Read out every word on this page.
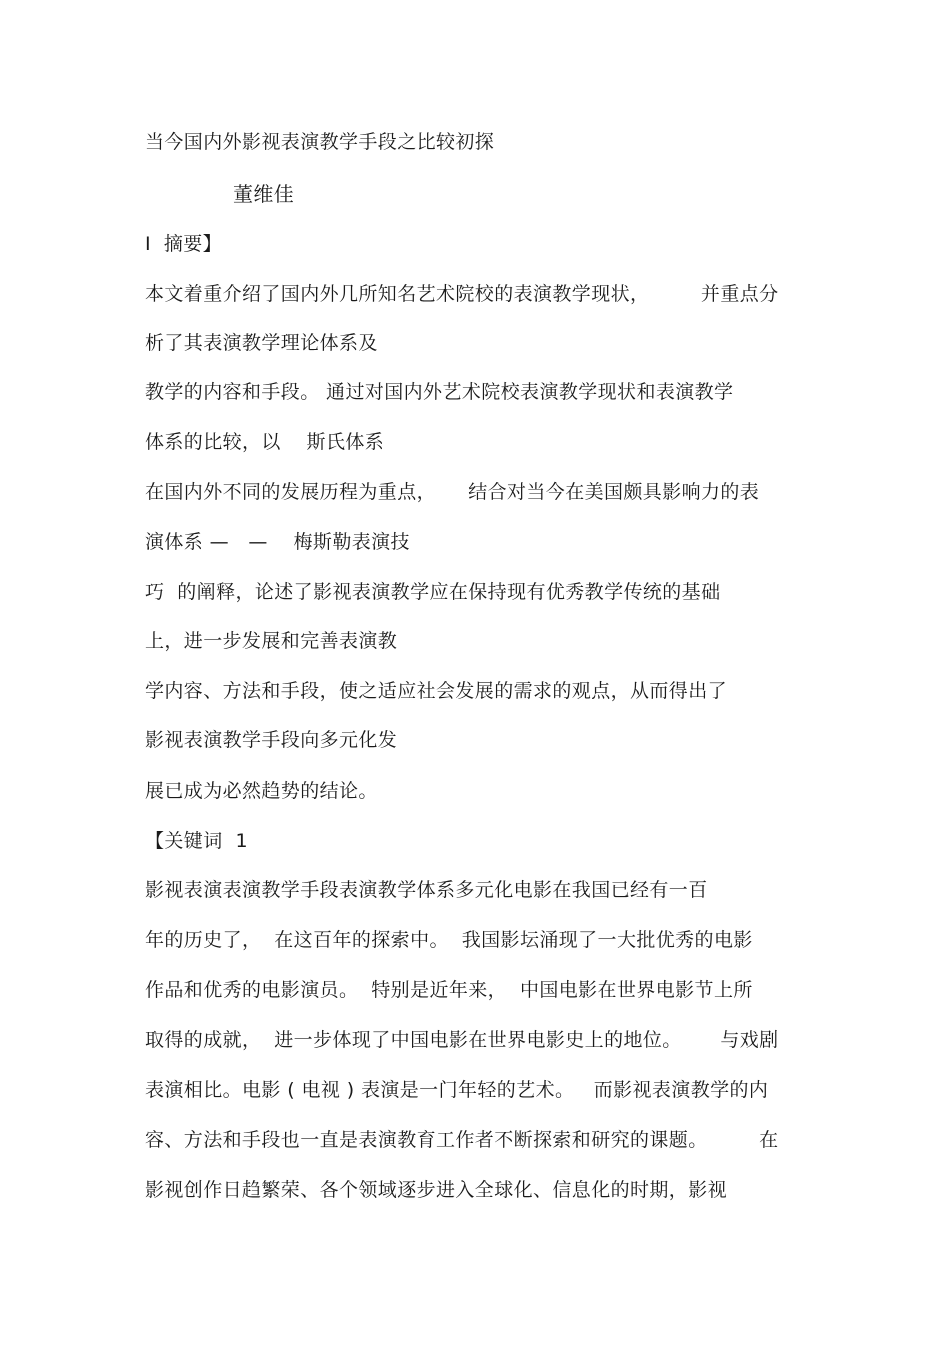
当今国内外影视表演教学手段之比较初探
董维佳
I  摘要】
本文着重介绍了国内外几所知名艺术院校的表演教学现状，        并重点分
析了其表演教学理论体系及
教学的内容和手段。 通过对国内外艺术院校表演教学现状和表演教学
体系的比较，以    斯氏体系
在国内外不同的发展历程为重点，     结合对当今在美国颇具影响力的表
演体系 —   —    梅斯勒表演技
巧  的阐释，论述了影视表演教学应在保持现有优秀教学传统的基础
上，进一步发展和完善表演教
学内容、方法和手段，使之适应社会发展的需求的观点，从而得出了
影视表演教学手段向多元化发
展已成为必然趋势的结论。
【关键词  1
影视表演表演教学手段表演教学体系多元化电影在我国已经有一百
年的历史了，  在这百年的探索中。  我国影坛涌现了一大批优秀的电影
作品和优秀的电影演员。  特别是近年来，  中国电影在世界电影节上所
取得的成就，  进一步体现了中国电影在世界电影史上的地位。      与戏剧
表演相比。电影 ( 电视 ) 表演是一门年轻的艺术。   而影视表演教学的内
容、方法和手段也一直是表演教育工作者不断探索和研究的课题。        在
影视创作日趋繁荣、各个领域逐步进入全球化、信息化的时期，影视
